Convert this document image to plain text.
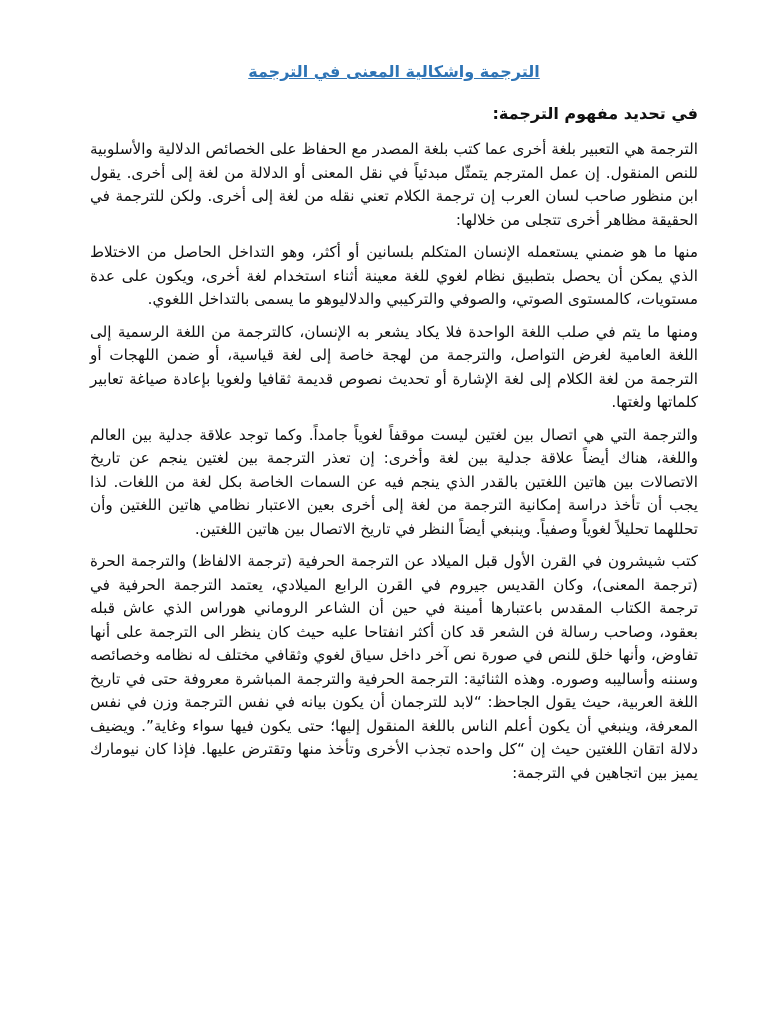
الترجمة واشكالية المعنى في الترجمة
في تحديد مفهوم الترجمة:

الترجمة هي التعبير بلغة أخرى عما كتب بلغة المصدر مع الحفاظ على الخصائص الدلالية والأسلوبية للنص المنقول. إن عمل المترجم يتمثّل مبدئياً في نقل المعنى أو الدلالة من لغة إلى أخرى. يقول ابن منظور صاحب لسان العرب إن ترجمة الكلام تعني نقله من لغة إلى أخرى. ولكن للترجمة في الحقيقة مظاهر أخرى تتجلى من خلالها:

منها ما هو ضمني يستعمله الإنسان المتكلم بلسانين أو أكثر، وهو التداخل الحاصل من الاختلاط الذي يمكن أن يحصل بتطبيق نظام لغوي للغة معينة أثناء استخدام لغة أخرى، ويكون على عدة مستويات، كالمستوى الصوتي، والصوفي والتركيبي والدلاليوهو ما يسمى بالتداخل اللغوي.

ومنها ما يتم في صلب اللغة الواحدة فلا يكاد يشعر به الإنسان، كالترجمة من اللغة الرسمية إلى اللغة العامية لغرض التواصل، والترجمة من لهجة خاصة إلى لغة قياسية، أو ضمن اللهجات أو الترجمة من لغة الكلام إلى لغة الإشارة أو تحديث نصوص قديمة ثقافيا ولغويا بإعادة صياغة تعابير كلماتها ولغتها.

والترجمة التي هي اتصال بين لغتين ليست موقفاً لغوياً جامداً. وكما توجد علاقة جدلية بين العالم واللغة، هناك أيضاً علاقة جدلية بين لغة وأخرى: إن تعذر الترجمة بين لغتين ينجم عن تاريخ الاتصالات بين هاتين اللغتين بالقدر الذي ينجم فيه عن السمات الخاصة بكل لغة من اللغات. لذا يجب أن تأخذ دراسة إمكانية الترجمة من لغة إلى أخرى بعين الاعتبار نظامي هاتين اللغتين وأن تحللهما تحليلاً لغوياً وصفياً. وينبغي أيضاً النظر في تاريخ الاتصال بين هاتين اللغتين.

كتب شيشرون في القرن الأول قبل الميلاد عن الترجمة الحرفية (ترجمة الالفاظ) والترجمة الحرة (ترجمة المعنى)، وكان القديس جيروم في القرن الرابع الميلادي، يعتمد الترجمة الحرفية في ترجمة الكتاب المقدس باعتبارها أمينة في حين أن الشاعر الروماني هوراس الذي عاش قبله بعقود، وصاحب رسالة فن الشعر قد كان أكثر انفتاحا عليه حيث كان ينظر الى الترجمة على أنها تفاوض، وأنها خلق للنص في صورة نص آخر داخل سياق لغوي وثقافي مختلف له نظامه وخصائصه وسننه وأساليبه وصوره. وهذه الثنائية: الترجمة الحرفية والترجمة المباشرة معروفة حتى في تاريخ اللغة العربية، حيث يقول الجاحظ: “لابد للترجمان أن يكون بيانه في نفس الترجمة وزن في نفس المعرفة، وينبغي أن يكون أعلم الناس باللغة المنقول إليها؛ حتى يكون فيها سواء وغاية”. ويضيف دلالة اتقان اللغتين حيث إن “كل واحده تجذب الأخرى وتأخذ منها وتقترض عليها. فإذا كان نيومارك يميز بين اتجاهين في الترجمة:
